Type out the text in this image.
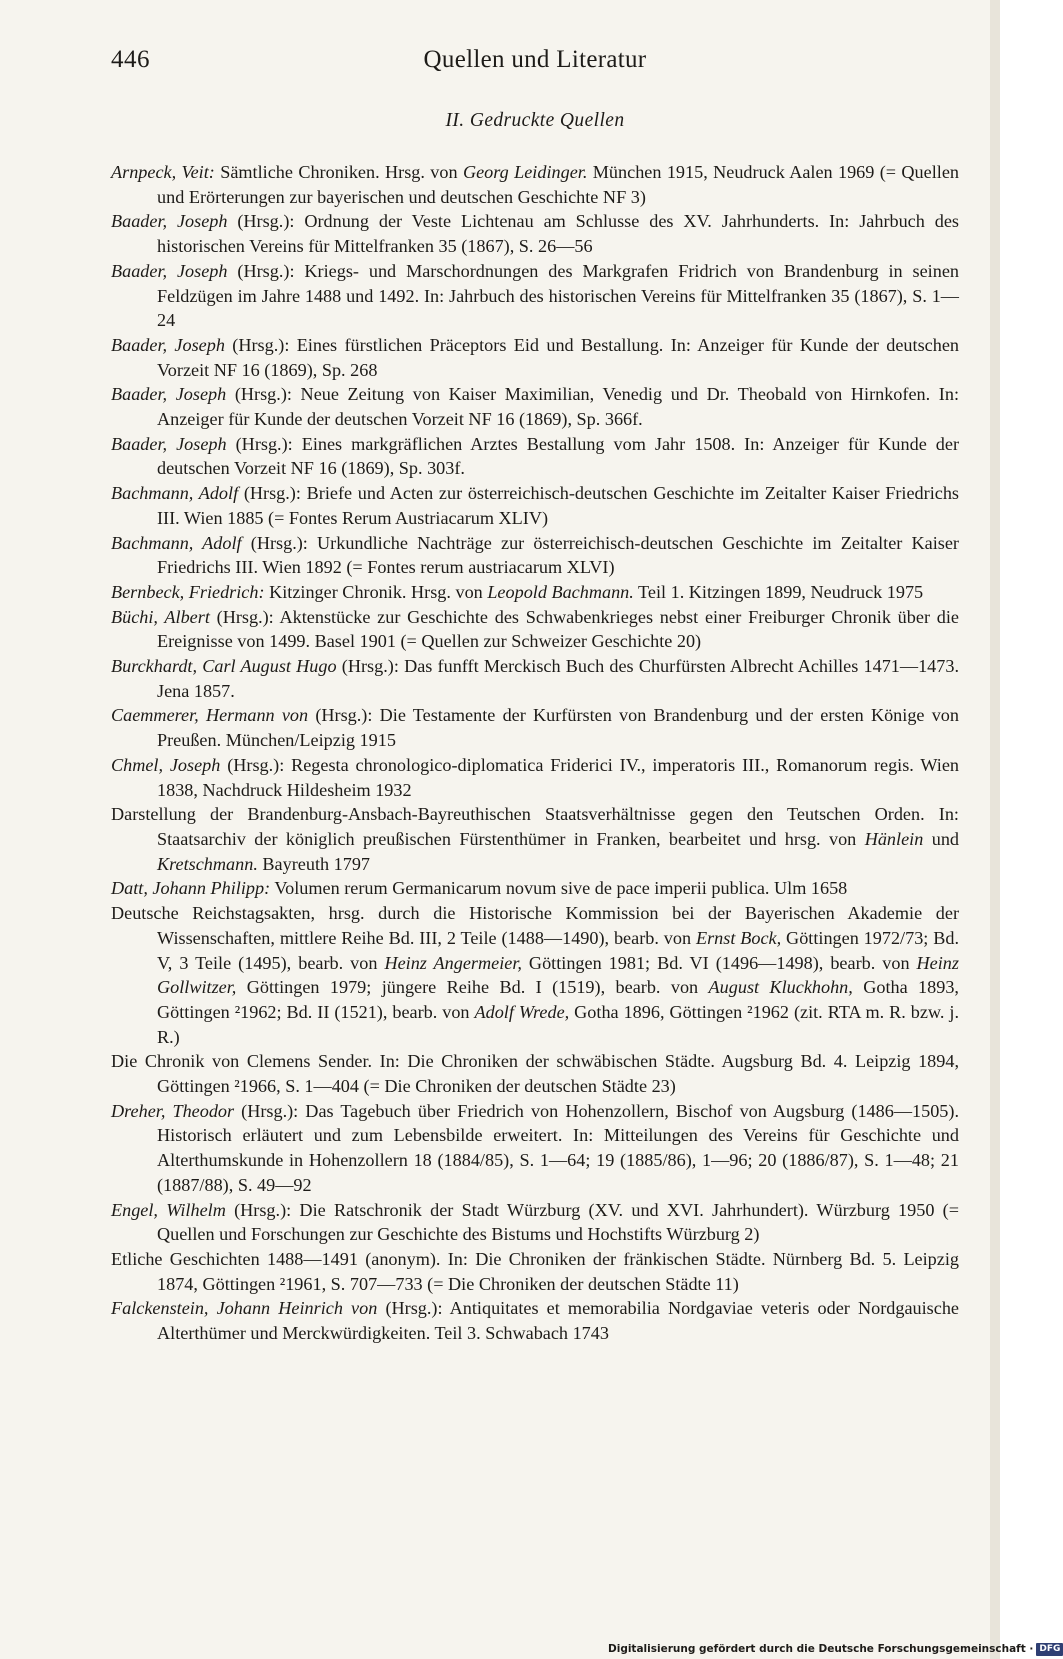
446	Quellen und Literatur
II. Gedruckte Quellen
Arnpeck, Veit: Sämtliche Chroniken. Hrsg. von Georg Leidinger. München 1915, Neudruck Aalen 1969 (= Quellen und Erörterungen zur bayerischen und deutschen Geschichte NF 3)
Baader, Joseph (Hrsg.): Ordnung der Veste Lichtenau am Schlusse des XV. Jahrhunderts. In: Jahrbuch des historischen Vereins für Mittelfranken 35 (1867), S. 26—56
Baader, Joseph (Hrsg.): Kriegs- und Marschordnungen des Markgrafen Fridrich von Brandenburg in seinen Feldzügen im Jahre 1488 und 1492. In: Jahrbuch des historischen Vereins für Mittelfranken 35 (1867), S. 1—24
Baader, Joseph (Hrsg.): Eines fürstlichen Präceptors Eid und Bestallung. In: Anzeiger für Kunde der deutschen Vorzeit NF 16 (1869), Sp. 268
Baader, Joseph (Hrsg.): Neue Zeitung von Kaiser Maximilian, Venedig und Dr. Theobald von Hirnkofen. In: Anzeiger für Kunde der deutschen Vorzeit NF 16 (1869), Sp. 366f.
Baader, Joseph (Hrsg.): Eines markgräflichen Arztes Bestallung vom Jahr 1508. In: Anzeiger für Kunde der deutschen Vorzeit NF 16 (1869), Sp. 303f.
Bachmann, Adolf (Hrsg.): Briefe und Acten zur österreichisch-deutschen Geschichte im Zeitalter Kaiser Friedrichs III. Wien 1885 (= Fontes Rerum Austriacarum XLIV)
Bachmann, Adolf (Hrsg.): Urkundliche Nachträge zur österreichisch-deutschen Geschichte im Zeitalter Kaiser Friedrichs III. Wien 1892 (= Fontes rerum austriacarum XLVI)
Bernbeck, Friedrich: Kitzinger Chronik. Hrsg. von Leopold Bachmann. Teil 1. Kitzingen 1899, Neudruck 1975
Büchi, Albert (Hrsg.): Aktenstücke zur Geschichte des Schwabenkrieges nebst einer Freiburger Chronik über die Ereignisse von 1499. Basel 1901 (= Quellen zur Schweizer Geschichte 20)
Burckhardt, Carl August Hugo (Hrsg.): Das funfft Merckisch Buch des Churfürsten Albrecht Achilles 1471—1473. Jena 1857.
Caemmerer, Hermann von (Hrsg.): Die Testamente der Kurfürsten von Brandenburg und der ersten Könige von Preußen. München/Leipzig 1915
Chmel, Joseph (Hrsg.): Regesta chronologico-diplomatica Friderici IV., imperatoris III., Romanorum regis. Wien 1838, Nachdruck Hildesheim 1932
Darstellung der Brandenburg-Ansbach-Bayreuthischen Staatsverhältnisse gegen den Teutschen Orden. In: Staatsarchiv der königlich preußischen Fürstenthümer in Franken, bearbeitet und hrsg. von Hänlein und Kretschmann. Bayreuth 1797
Datt, Johann Philipp: Volumen rerum Germanicarum novum sive de pace imperii publica. Ulm 1658
Deutsche Reichstagsakten, hrsg. durch die Historische Kommission bei der Bayerischen Akademie der Wissenschaften, mittlere Reihe Bd. III, 2 Teile (1488—1490), bearb. von Ernst Bock, Göttingen 1972/73; Bd. V, 3 Teile (1495), bearb. von Heinz Angermeier, Göttingen 1981; Bd. VI (1496—1498), bearb. von Heinz Gollwitzer, Göttingen 1979; jüngere Reihe Bd. I (1519), bearb. von August Kluckhohn, Gotha 1893, Göttingen ²1962; Bd. II (1521), bearb. von Adolf Wrede, Gotha 1896, Göttingen ²1962 (zit. RTA m. R. bzw. j. R.)
Die Chronik von Clemens Sender. In: Die Chroniken der schwäbischen Städte. Augsburg Bd. 4. Leipzig 1894, Göttingen ²1966, S. 1—404 (= Die Chroniken der deutschen Städte 23)
Dreher, Theodor (Hrsg.): Das Tagebuch über Friedrich von Hohenzollern, Bischof von Augsburg (1486—1505). Historisch erläutert und zum Lebensbilde erweitert. In: Mitteilungen des Vereins für Geschichte und Alterthumskunde in Hohenzollern 18 (1884/85), S. 1—64; 19 (1885/86), 1—96; 20 (1886/87), S. 1—48; 21 (1887/88), S. 49—92
Engel, Wilhelm (Hrsg.): Die Ratschronik der Stadt Würzburg (XV. und XVI. Jahrhundert). Würzburg 1950 (= Quellen und Forschungen zur Geschichte des Bistums und Hochstifts Würzburg 2)
Etliche Geschichten 1488—1491 (anonym). In: Die Chroniken der fränkischen Städte. Nürnberg Bd. 5. Leipzig 1874, Göttingen ²1961, S. 707—733 (= Die Chroniken der deutschen Städte 11)
Falckenstein, Johann Heinrich von (Hrsg.): Antiquitates et memorabilia Nordgaviae veteris oder Nordgauische Alterthümer und Merckwürdigkeiten. Teil 3. Schwabach 1743
Digitalisierung gefördert durch die Deutsche Forschungsgemeinschaft · DFG
